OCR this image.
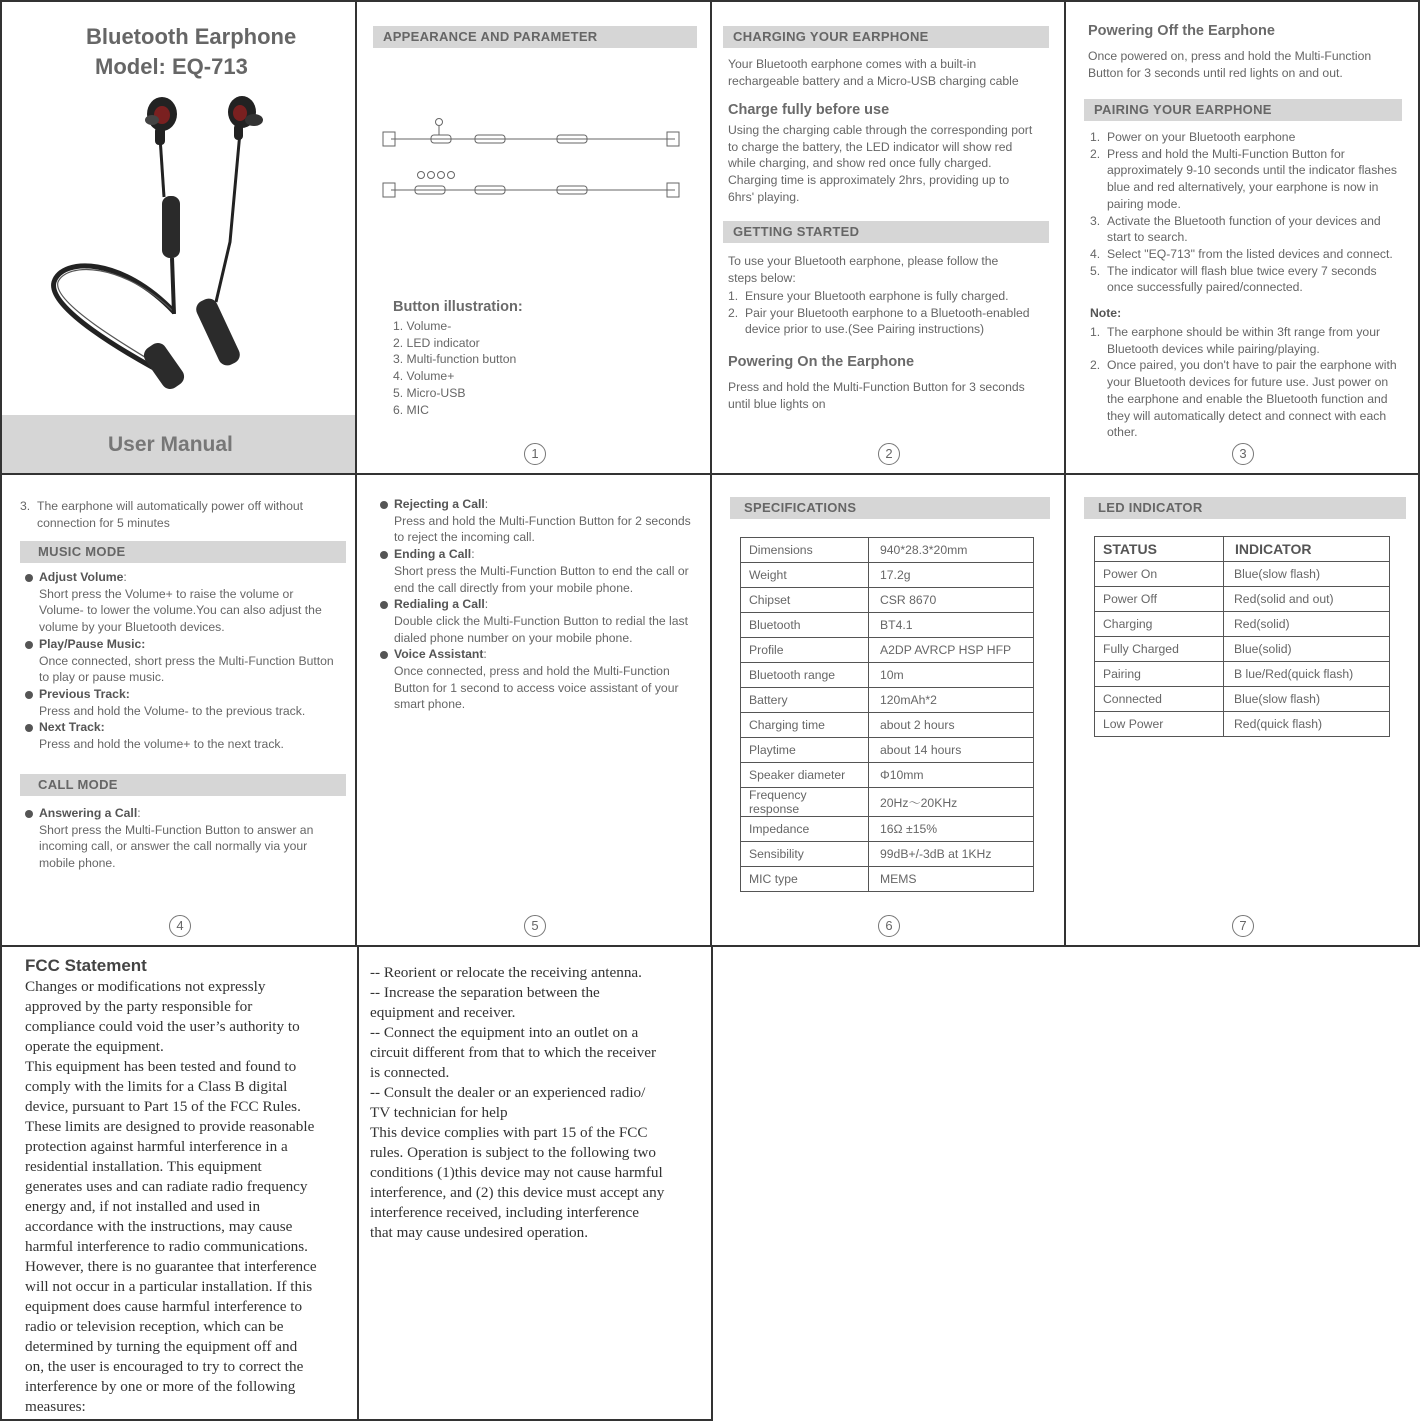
Bluetooth Earphone
Model: EQ-713
User Manual
APPEARANCE AND PARAMETER
Button illustration:
1. Volume-
2. LED indicator
3. Multi-function button
4. Volume+
5. Micro-USB
6. MIC
1
CHARGING YOUR EARPHONE
Your Bluetooth earphone comes with a built-in rechargeable battery and a Micro-USB charging cable
Charge fully before use
Using the charging cable through the corresponding port to charge the battery, the LED indicator will show red while charging, and show red once fully charged. Charging time is approximately 2hrs, providing up to 6hrs' playing.
GETTING STARTED
To use your Bluetooth earphone, please follow the steps below:
1. Ensure your Bluetooth earphone is fully charged.
2. Pair your Bluetooth earphone to a Bluetooth-enabled device prior to use.(See Pairing instructions)
Powering On the Earphone
Press and hold the Multi-Function Button for 3 seconds until blue lights on
2
Powering Off the Earphone
Once powered on, press and hold the Multi-Function Button for 3 seconds until red lights on and out.
PAIRING YOUR EARPHONE
1. Power on your Bluetooth earphone
2. Press and hold the Multi-Function Button for approximately 9-10 seconds until the indicator flashes blue and red alternatively, your earphone is now in pairing mode.
3. Activate the Bluetooth function of your devices and start to search.
4. Select "EQ-713" from the listed devices and connect.
5. The indicator will flash blue twice every 7 seconds once successfully paired/connected.
Note:
1. The earphone should be within 3ft range from your Bluetooth devices while pairing/playing.
2. Once paired, you don't have to pair the earphone with your Bluetooth devices for future use. Just power on the earphone and enable the Bluetooth function and they will automatically detect and connect with each other.
3
3. The earphone will automatically power off without connection for 5 minutes
MUSIC MODE
Adjust Volume:
Short press the Volume+ to raise the volume or Volume- to lower the volume.You can also adjust the volume by your Bluetooth devices.
Play/Pause Music:
Once connected, short press the Multi-Function Button to play or pause music.
Previous Track:
Press and hold the Volume- to the previous track.
Next Track:
Press and hold the volume+ to the next track.
CALL MODE
Answering a Call:
Short press the Multi-Function Button to answer an incoming call, or answer the call normally via your mobile phone.
4
Rejecting a Call:
Press and hold the Multi-Function Button for 2 seconds to reject the incoming call.
Ending a Call:
Short press the Multi-Function Button to end the call or end the call directly from your mobile phone.
Redialing a Call:
Double click the Multi-Function Button to redial the last dialed phone number on your mobile phone.
Voice Assistant:
Once connected, press and hold the Multi-Function Button for 1 second to access voice assistant of your smart phone.
5
SPECIFICATIONS
Dimensions	940*28.3*20mm
Weight	17.2g
Chipset	CSR 8670
Bluetooth	BT4.1
Profile	A2DP AVRCP HSP HFP
Bluetooth range	10m
Battery	120mAh*2
Charging time	about 2 hours
Playtime	about 14 hours
Speaker diameter	Φ10mm
Frequency response	20Hz～20KHz
Impedance	16Ω ±15%
Sensibility	99dB+/-3dB at 1KHz
MIC type	MEMS
6
LED INDICATOR
STATUS	INDICATOR
Power On	Blue(slow flash)
Power Off	Red(solid and out)
Charging	Red(solid)
Fully Charged	Blue(solid)
Pairing	B lue/Red(quick flash)
Connected	Blue(slow flash)
Low Power	Red(quick flash)
7
FCC Statement
Changes or modifications not expressly
approved by the party responsible for
compliance could void the user’s authority to
operate the equipment.
This equipment has been tested and found to
comply with the limits for a Class B digital
device, pursuant to Part 15 of the FCC Rules.
These limits are designed to provide reasonable
protection against harmful interference in a
residential installation. This equipment
generates uses and can radiate radio frequency
energy and, if not installed and used in
accordance with the instructions, may cause
harmful interference to radio communications.
However, there is no guarantee that interference
will not occur in a particular installation. If this
equipment does cause harmful interference to
radio or television reception, which can be
determined by turning the equipment off and
on, the user is encouraged to try to correct the
interference by one or more of the following
measures:
-- Reorient or relocate the receiving antenna.
-- Increase the separation between the
equipment and receiver.
-- Connect the equipment into an outlet on a
circuit different from that to which the receiver
is connected.
-- Consult the dealer or an experienced radio/
TV technician for help
This device complies with part 15 of the FCC
rules. Operation is subject to the following two
conditions (1)this device may not cause harmful
interference, and (2) this device must accept any
interference received, including interference
that may cause undesired operation.
